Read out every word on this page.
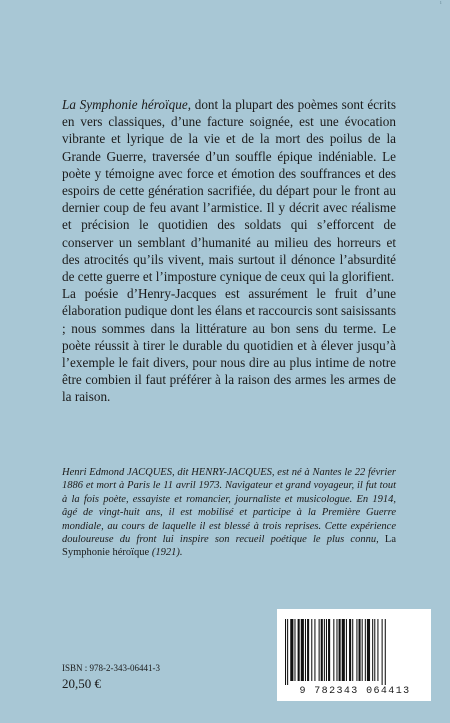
ı

La Symphonie héroïque, dont la plupart des poèmes sont écrits en vers classiques, d’une facture soignée, est une évocation vibrante et lyrique de la vie et de la mort des poilus de la Grande Guerre, traversée d’un souffle épique indéniable. Le poète y témoigne avec force et émotion des souffrances et des espoirs de cette génération sacrifiée, du départ pour le front au dernier coup de feu avant l’armistice. Il y décrit avec réalisme et précision le quotidien des soldats qui s’efforcent de conserver un semblant d’humanité au milieu des horreurs et des atrocités qu’ils vivent, mais surtout il dénonce l’absurdité de cette guerre et l’imposture cynique de ceux qui la glorifient.

La poésie d’Henry-Jacques est assurément le fruit d’une élaboration pudique dont les élans et raccourcis sont saisissants ; nous sommes dans la littérature au bon sens du terme. Le poète réussit à tirer le durable du quotidien et à élever jusqu’à l’exemple le fait divers, pour nous dire au plus intime de notre être combien il faut préférer à la raison des armes les armes de la raison.

Henri Edmond JACQUES, dit HENRY-JACQUES, est né à Nantes le 22 février 1886 et mort à Paris le 11 avril 1973. Navigateur et grand voyageur, il fut tout à la fois poète, essayiste et romancier, journaliste et musicologue. En 1914, âgé de vingt-huit ans, il est mobilisé et participe à la Première Guerre mondiale, au cours de laquelle il est blessé à trois reprises. Cette expérience douloureuse du front lui inspire son recueil poétique le plus connu, La Symphonie héroïque (1921).
ISBN : 978-2-343-06441-3
20,50 €
9 782343 064413
